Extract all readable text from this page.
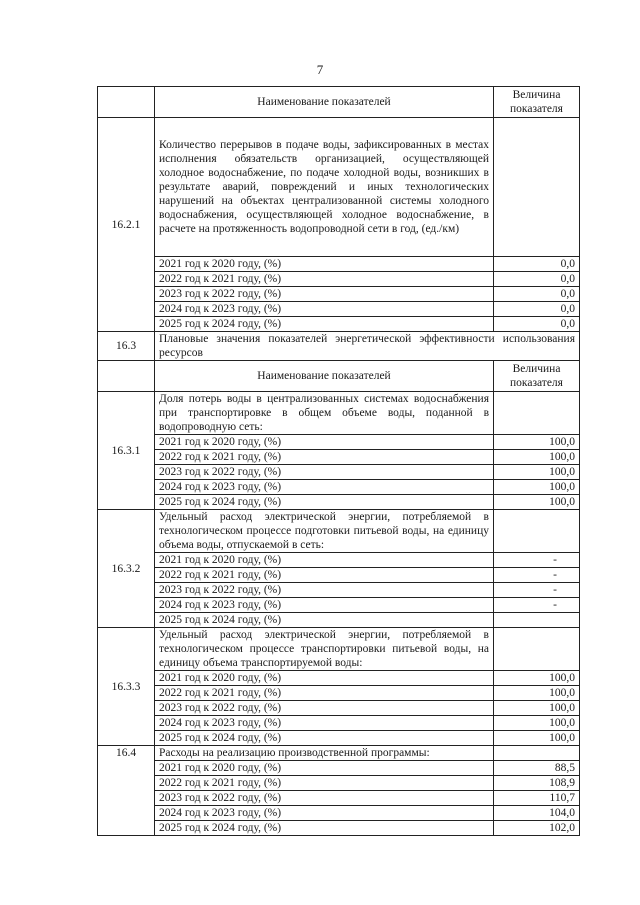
7
	Наименование показателей	Величина показателя
16.2.1	Количество перерывов в подаче воды, зафиксированных в местах исполнения обязательств организацией, осуществляющей холодное водоснабжение, по подаче холодной воды, возникших в результате аварий, повреждений и иных технологических нарушений на объектах централизованной системы холодного водоснабжения, осуществляющей холодное водоснабжение, в расчете на протяженность водопроводной сети в год, (ед./км)	
	2021 год к 2020 году, (%)	0,0
	2022 год к 2021 году, (%)	0,0
	2023 год к 2022 году, (%)	0,0
	2024 год к 2023 году, (%)	0,0
	2025 год к 2024 году, (%)	0,0
16.3	Плановые значения показателей энергетической эффективности использования ресурсов	
	Наименование показателей	Величина показателя
16.3.1	Доля потерь воды в централизованных системах водоснабжения при транспортировке в общем объеме воды, поданной в водопроводную сеть:	
	2021 год к 2020 году, (%)	100,0
	2022 год к 2021 году, (%)	100,0
	2023 год к 2022 году, (%)	100,0
	2024 год к 2023 году, (%)	100,0
	2025 год к 2024 году, (%)	100,0
16.3.2	Удельный расход электрической энергии, потребляемой в технологическом процессе подготовки питьевой воды, на единицу объема воды, отпускаемой в сеть:	
	2021 год к 2020 году, (%)	-
	2022 год к 2021 году, (%)	-
	2023 год к 2022 году, (%)	-
	2024 год к 2023 году, (%)	-
	2025 год к 2024 году, (%)	
16.3.3	Удельный расход электрической энергии, потребляемой в технологическом процессе транспортировки питьевой воды, на единицу объема транспортируемой воды:	
	2021 год к 2020 году, (%)	100,0
	2022 год к 2021 году, (%)	100,0
	2023 год к 2022 году, (%)	100,0
	2024 год к 2023 году, (%)	100,0
	2025 год к 2024 году, (%)	100,0
16.4	Расходы на реализацию производственной программы:	
	2021 год к 2020 году, (%)	88,5
	2022 год к 2021 году, (%)	108,9
	2023 год к 2022 году, (%)	110,7
	2024 год к 2023 году, (%)	104,0
	2025 год к 2024 году, (%)	102,0
